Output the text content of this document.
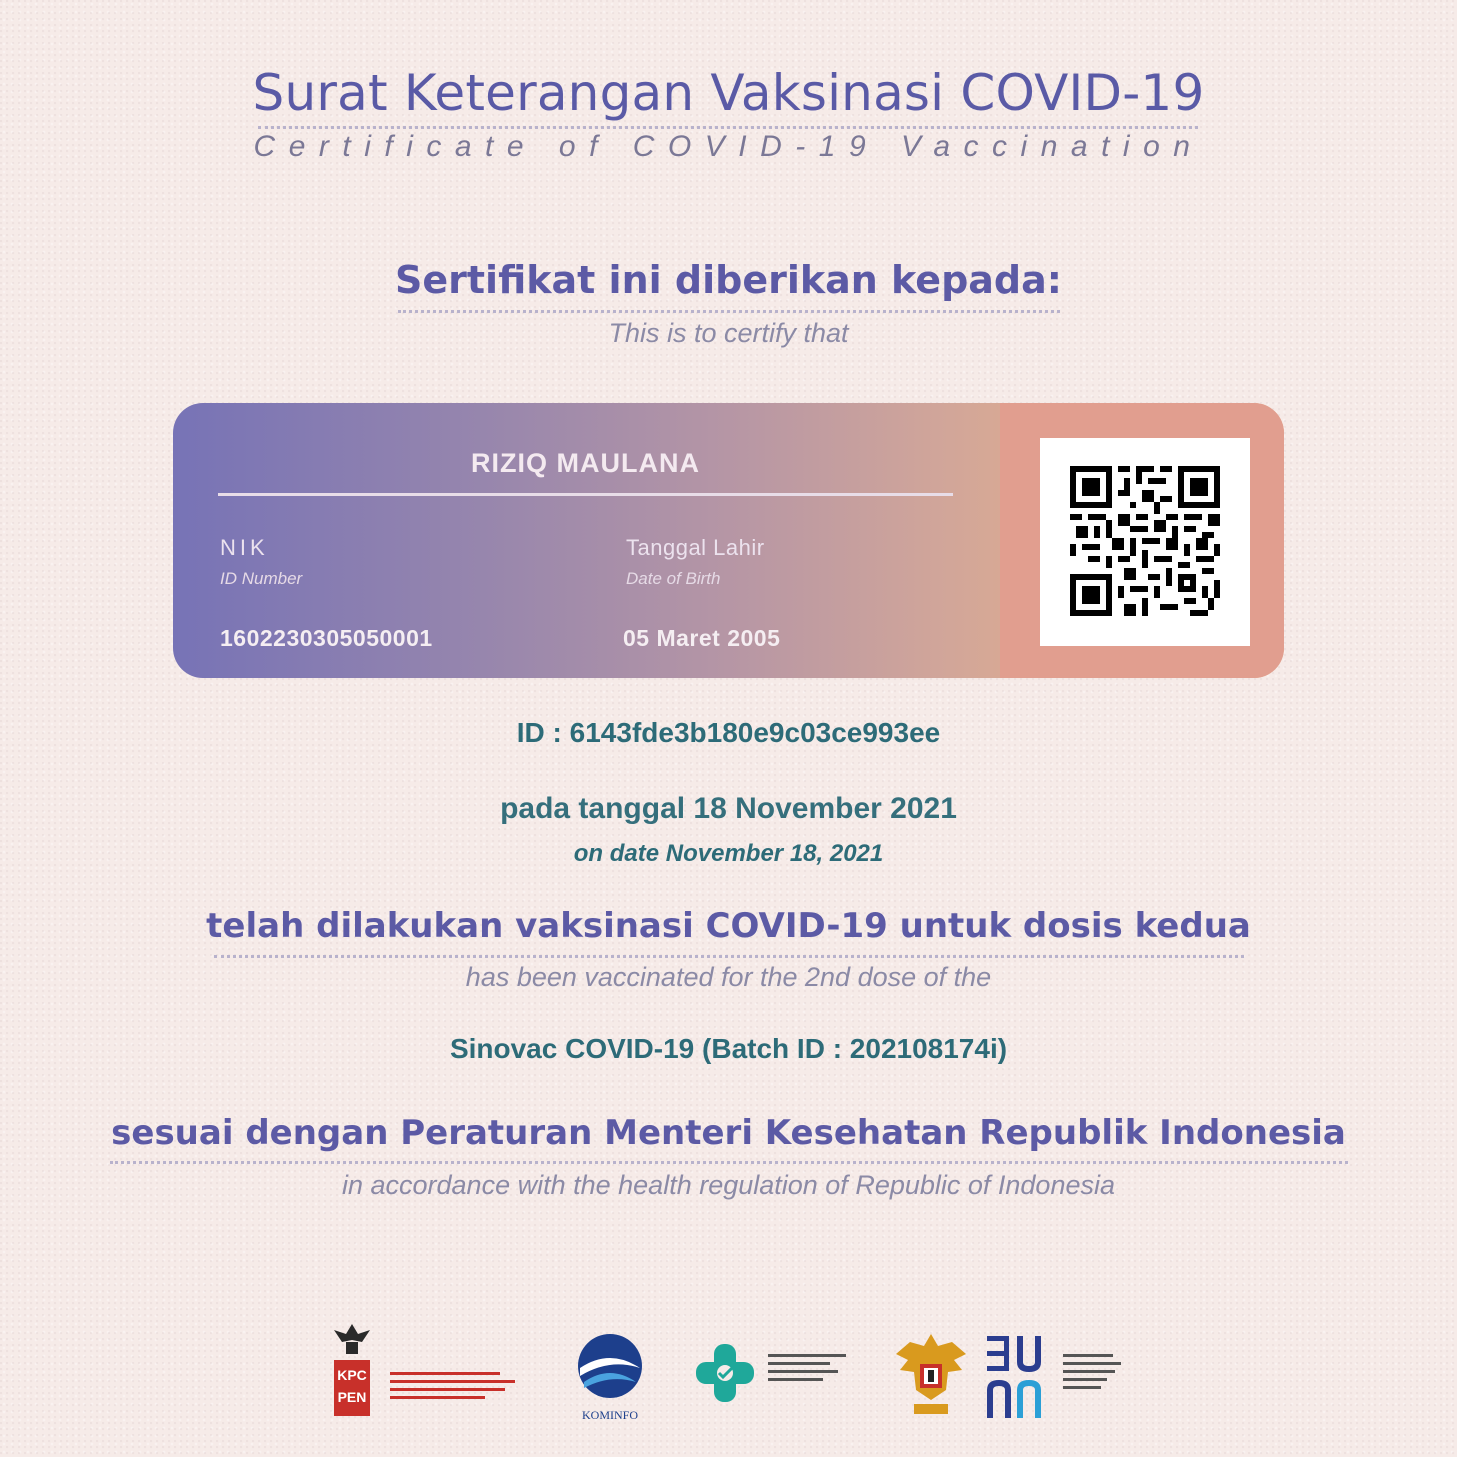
Surat Keterangan Vaksinasi COVID-19
Certificate of COVID-19 Vaccination
Sertifikat ini diberikan kepada:
This is to certify that
RIZIQ MAULANA
NIK
ID Number
1602230305050001
Tanggal Lahir
Date of Birth
05 Maret 2005
ID : 6143fde3b180e9c03ce993ee
pada tanggal 18 November 2021
on date November 18, 2021
telah dilakukan vaksinasi COVID-19 untuk dosis kedua
has been vaccinated for the 2nd dose of the
Sinovac COVID-19 (Batch ID : 202108174i)
sesuai dengan Peraturan Menteri Kesehatan Republik Indonesia
in accordance with the health regulation of Republic of Indonesia
KPC
PEN
KOMINFO
